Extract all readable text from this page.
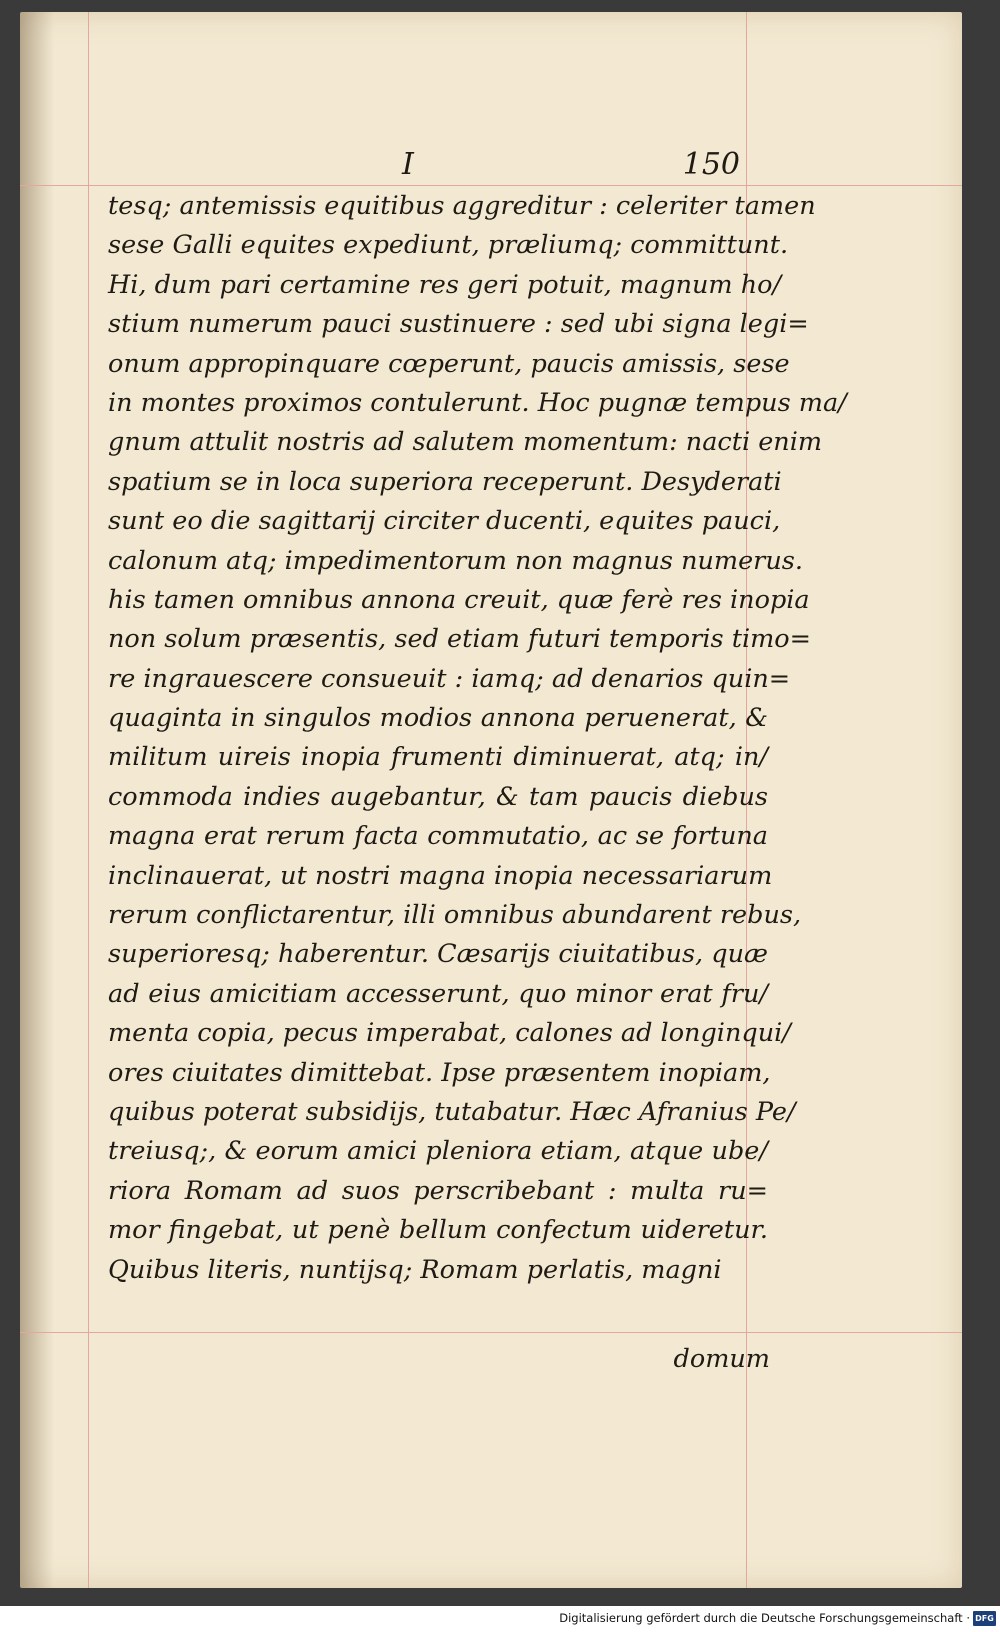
I	150
tesq; antemissis equitibus aggreditur : celeriter tamen
sese Galli equites expediunt, præliumq; committunt.
Hi, dum pari certamine res geri potuit, magnum ho/
stium numerum pauci sustinuere : sed ubi signa legi=
onum appropinquare cœperunt, paucis amissis, sese
in montes proximos contulerunt. Hoc pugnæ tempus ma/
gnum attulit nostris ad salutem momentum: nacti enim
spatium se in loca superiora receperunt. Desyderati
sunt eo die sagittarij circiter ducenti, equites pauci,
calonum atq; impedimentorum non magnus numerus.
his tamen omnibus annona creuit, quæ ferè res inopia
non solum præsentis, sed etiam futuri temporis timo=
re ingrauescere consueuit : iamq; ad denarios quin=
quaginta in singulos modios annona peruenerat, &
militum uireis inopia frumenti diminuerat, atq; in/
commoda indies augebantur, & tam paucis diebus
magna erat rerum facta commutatio, ac se fortuna
inclinauerat, ut nostri magna inopia necessariarum
rerum conflictarentur, illi omnibus abundarent rebus,
superioresq; haberentur. Cæsarijs ciuitatibus, quæ
ad eius amicitiam accesserunt, quo minor erat fru/
menta copia, pecus imperabat, calones ad longinqui/
ores ciuitates dimittebat. Ipse præsentem inopiam,
quibus poterat subsidijs, tutabatur. Hæc Afranius Pe/
treiusq;, & eorum amici pleniora etiam, atque ube/
riora Romam ad suos perscribebant : multa ru=
mor fingebat, ut penè bellum confectum uideretur.
Quibus literis, nuntijsq; Romam perlatis, magni
domum
Digitalisierung gefördert durch die Deutsche Forschungsgemeinschaft · DFG
